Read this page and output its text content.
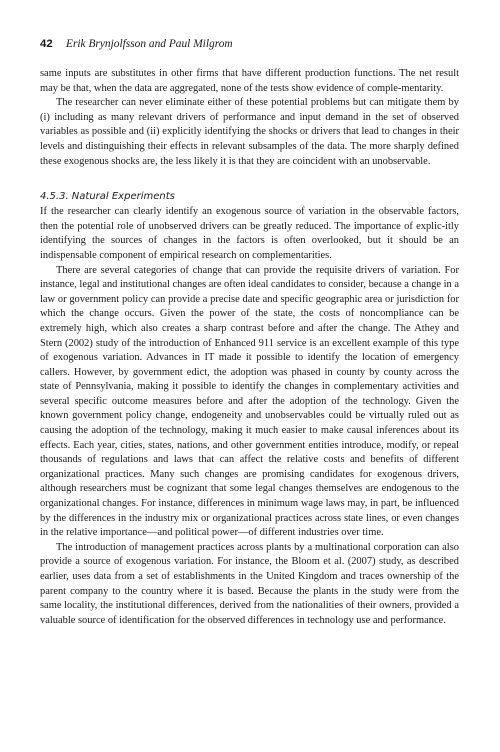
42	Erik Brynjolfsson and Paul Milgrom

same inputs are substitutes in other firms that have different production functions. The net result may be that, when the data are aggregated, none of the tests show evidence of comple-mentarity.

The researcher can never eliminate either of these potential problems but can mitigate them by (i) including as many relevant drivers of performance and input demand in the set of observed variables as possible and (ii) explicitly identifying the shocks or drivers that lead to changes in their levels and distinguishing their effects in relevant subsamples of the data. The more sharply defined these exogenous shocks are, the less likely it is that they are coincident with an unobservable.

4.5.3. Natural Experiments

If the researcher can clearly identify an exogenous source of variation in the observable factors, then the potential role of unobserved drivers can be greatly reduced. The importance of explic-itly identifying the sources of changes in the factors is often overlooked, but it should be an indispensable component of empirical research on complementarities.

There are several categories of change that can provide the requisite drivers of variation. For instance, legal and institutional changes are often ideal candidates to consider, because a change in a law or government policy can provide a precise date and specific geographic area or jurisdiction for which the change occurs. Given the power of the state, the costs of noncompliance can be extremely high, which also creates a sharp contrast before and after the change. The Athey and Stern (2002) study of the introduction of Enhanced 911 service is an excellent example of this type of exogenous variation. Advances in IT made it possible to identify the location of emergency callers. However, by government edict, the adoption was phased in county by county across the state of Pennsylvania, making it possible to identify the changes in complementary activities and several specific outcome measures before and after the adoption of the technology. Given the known government policy change, endogeneity and unobservables could be virtually ruled out as causing the adoption of the technology, making it much easier to make causal inferences about its effects. Each year, cities, states, nations, and other government entities introduce, modify, or repeal thousands of regulations and laws that can affect the relative costs and benefits of different organizational practices. Many such changes are promising candidates for exogenous drivers, although researchers must be cognizant that some legal changes themselves are endogenous to the organizational changes. For instance, differences in minimum wage laws may, in part, be influenced by the differences in the industry mix or organizational practices across state lines, or even changes in the relative importance—and political power—of different industries over time.

The introduction of management practices across plants by a multinational corporation can also provide a source of exogenous variation. For instance, the Bloom et al. (2007) study, as described earlier, uses data from a set of establishments in the United Kingdom and traces ownership of the parent company to the country where it is based. Because the plants in the study were from the same locality, the institutional differences, derived from the nationalities of their owners, provided a valuable source of identification for the observed differences in technology use and performance.
